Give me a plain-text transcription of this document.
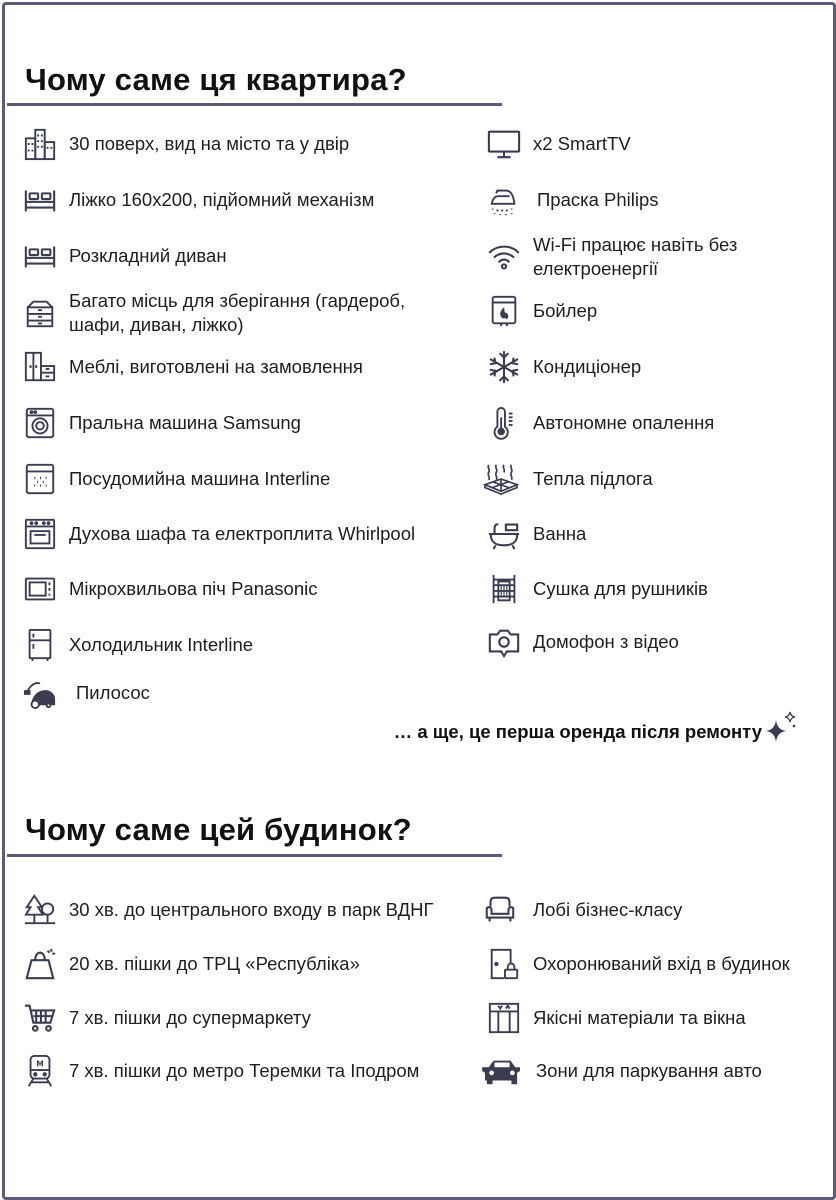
Чому саме ця квартира?
30 поверх, вид на місто та у двір
Ліжко 160х200, підйомний механізм
Розкладний диван
Багато місць для зберігання (гардероб, шафи, диван, ліжко)
Меблі, виготовлені на замовлення
Пральна машина Samsung
Посудомийна машина Interline
Духова шафа та електроплита Whirlpool
Мікрохвильова піч Panasonic
Холодильник Interline
Пилосос
x2 SmartTV
Праска Philips
Wi-Fi працює навіть без електроенергії
Бойлер
Кондиціонер
Автономне опалення
Тепла підлога
Ванна
Сушка для рушників
Домофон з відео
… а ще, це перша оренда після ремонту
Чому саме цей будинок?
30 хв. до центрального входу в парк ВДНГ
20 хв. пішки до ТРЦ «Республіка»
7 хв. пішки до супермаркету
M 7 хв. пішки до метро Теремки та Іподром
Лобі бізнес-класу
Охоронюваний вхід в будинок
Якісні матеріали та вікна
Зони для паркування авто
